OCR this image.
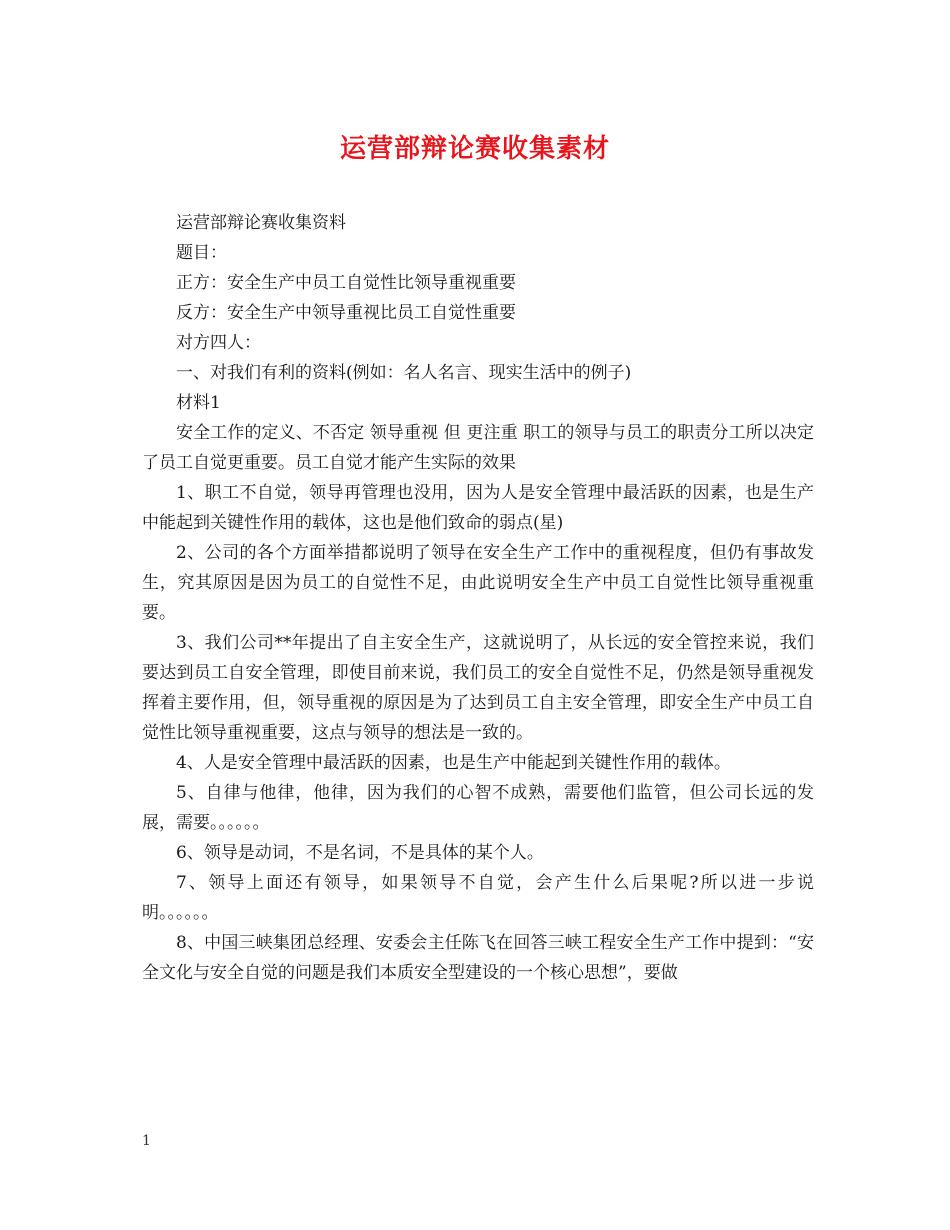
运营部辩论赛收集素材

运营部辩论赛收集资料

题目：

正方：安全生产中员工自觉性比领导重视重要

反方：安全生产中领导重视比员工自觉性重要

对方四人：

一、对我们有利的资料(例如：名人名言、现实生活中的例子)

材料1

安全工作的定义、不否定 领导重视 但 更注重 职工的领导与员工的职责分工所以决定了员工自觉更重要。员工自觉才能产生实际的效果

1、职工不自觉，领导再管理也没用，因为人是安全管理中最活跃的因素，也是生产中能起到关键性作用的载体，这也是他们致命的弱点(星)

2、公司的各个方面举措都说明了领导在安全生产工作中的重视程度，但仍有事故发生，究其原因是因为员工的自觉性不足，由此说明安全生产中员工自觉性比领导重视重要。

3、我们公司**年提出了自主安全生产，这就说明了，从长远的安全管控来说，我们要达到员工自安全管理，即使目前来说，我们员工的安全自觉性不足，仍然是领导重视发挥着主要作用，但，领导重视的原因是为了达到员工自主安全管理，即安全生产中员工自觉性比领导重视重要，这点与领导的想法是一致的。

4、人是安全管理中最活跃的因素，也是生产中能起到关键性作用的载体。

5、自律与他律，他律，因为我们的心智不成熟，需要他们监管，但公司长远的发展，需要。。。。。。

6、领导是动词，不是名词，不是具体的某个人。

7、领导上面还有领导，如果领导不自觉，会产生什么后果呢?所以进一步说明。。。。。。

8、中国三峡集团总经理、安委会主任陈飞在回答三峡工程安全生产工作中提到：“安全文化与安全自觉的问题是我们本质安全型建设的一个核心思想”，要做

1
